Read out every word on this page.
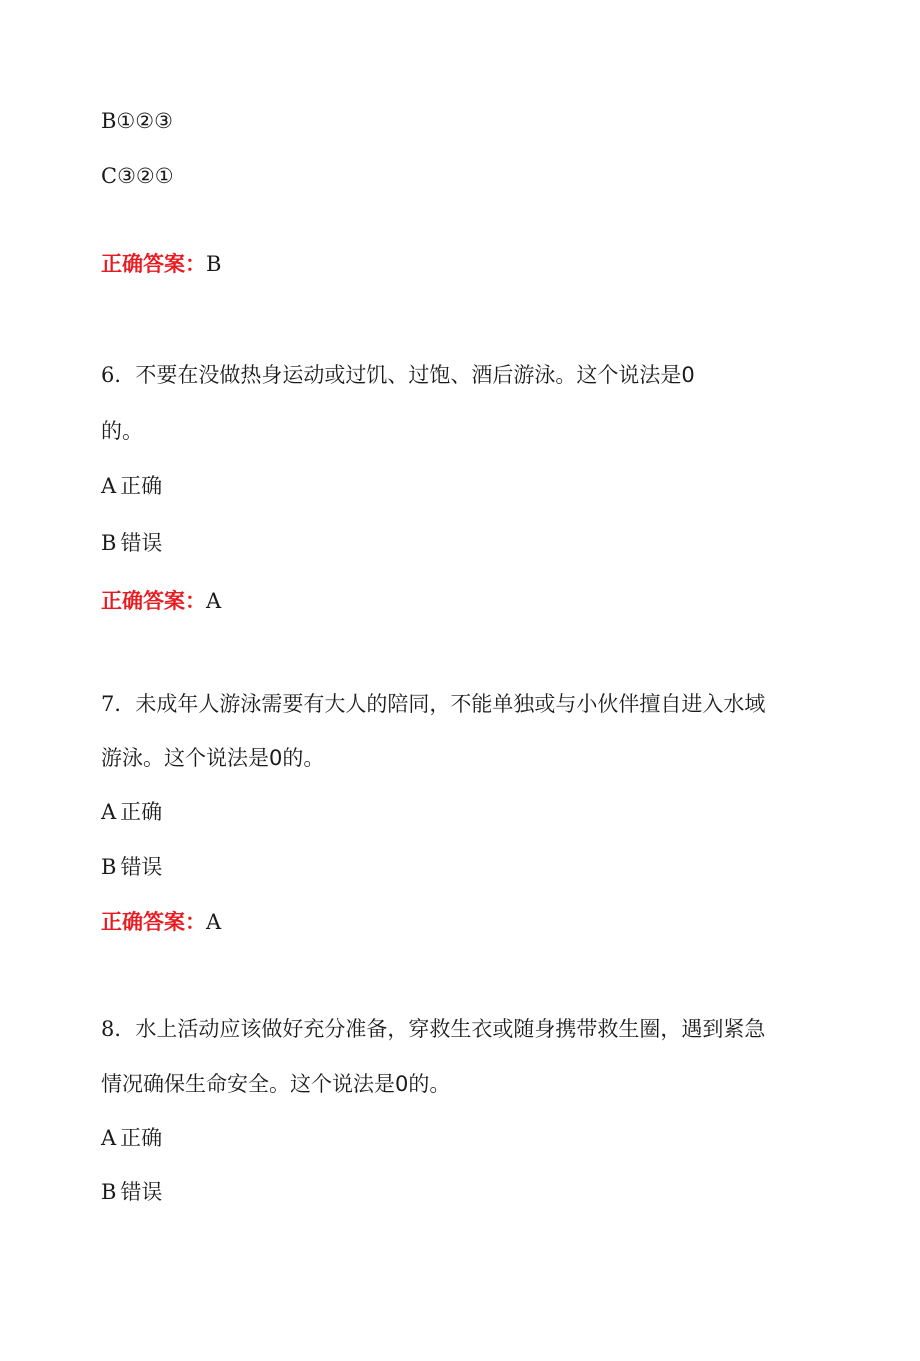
B①②③
C③②①
正确答案：B
6．不要在没做热身运动或过饥、过饱、酒后游泳。这个说法是0
的。
A 正确
B 错误
正确答案：A
7．未成年人游泳需要有大人的陪同，不能单独或与小伙伴擅自进入水域
游泳。这个说法是0的。
A 正确
B 错误
正确答案：A
8．水上活动应该做好充分准备，穿救生衣或随身携带救生圈，遇到紧急
情况确保生命安全。这个说法是0的。
A 正确
B 错误
